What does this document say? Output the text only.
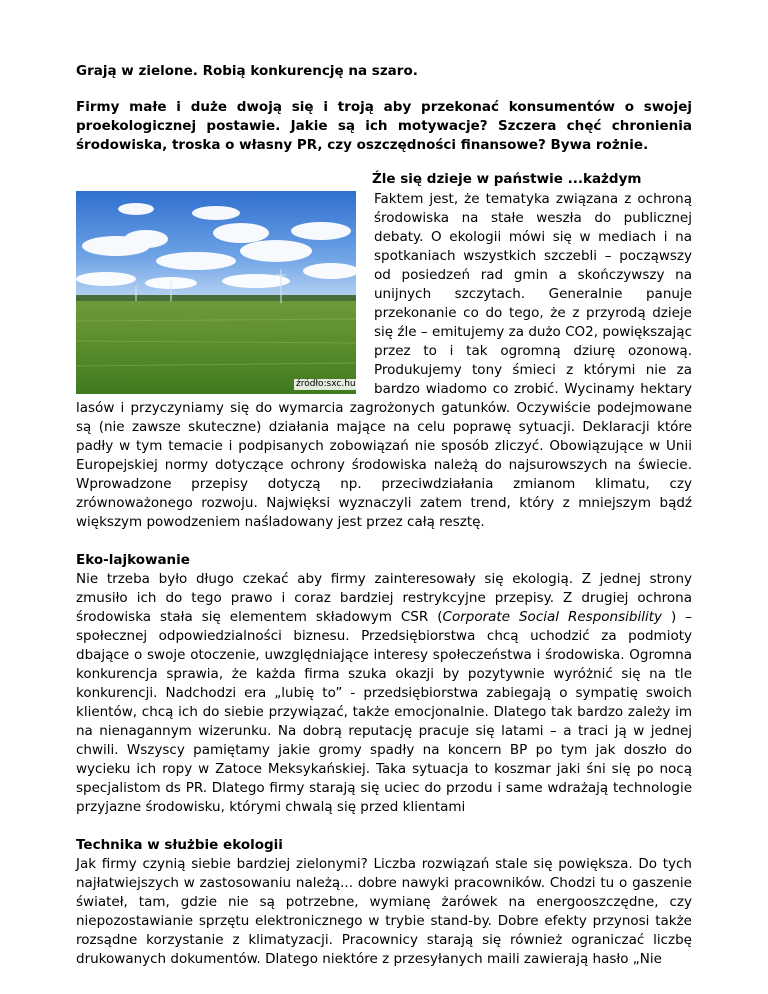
Grają w zielone. Robią konkurencję na szaro.

Firmy małe i duże dwoją się i troją aby przekonać konsumentów o swojej proekologicznej postawie. Jakie są ich motywacje? Szczera chęć chronienia środowiska, troska o własny PR, czy oszczędności finansowe? Bywa rożnie.

Źle się dzieje w państwie ...każdym
źródło:sxc.hu

Faktem jest, że tematyka związana z ochroną środowiska na stałe weszła do publicznej debaty. O ekologii mówi się w mediach i na spotkaniach wszystkich szczebli – począwszy od posiedzeń rad gmin a skończywszy na unijnych szczytach. Generalnie panuje przekonanie co do tego, że z przyrodą dzieje się źle – emitujemy za dużo CO2, powiększając przez to i tak ogromną dziurę ozonową. Produkujemy tony śmieci z którymi nie za bardzo wiadomo co zrobić. Wycinamy hektary lasów i przyczyniamy się do wymarcia zagrożonych gatunków. Oczywiście podejmowane są (nie zawsze skuteczne) działania mające na celu poprawę sytuacji. Deklaracji które padły w tym temacie i podpisanych zobowiązań nie sposób zliczyć. Obowiązujące w Unii Europejskiej normy dotyczące ochrony środowiska należą do najsurowszych na świecie. Wprowadzone przepisy dotyczą np. przeciwdziałania zmianom klimatu, czy zrównoważonego rozwoju. Najwięksi wyznaczyli zatem trend, który z mniejszym bądź większym powodzeniem naśladowany jest przez całą resztę.

Eko-lajkowanie

Nie trzeba było długo czekać aby firmy zainteresowały się ekologią. Z jednej strony zmusiło ich do tego prawo i coraz bardziej restrykcyjne przepisy. Z drugiej ochrona środowiska stała się elementem składowym CSR (Corporate Social Responsibility ) – społecznej odpowiedzialności biznesu. Przedsiębiorstwa chcą uchodzić za podmioty dbające o swoje otoczenie, uwzględniające interesy społeczeństwa i środowiska. Ogromna konkurencja sprawia, że każda firma szuka okazji by pozytywnie wyróżnić się na tle konkurencji. Nadchodzi era „lubię to” - przedsiębiorstwa zabiegają o sympatię swoich klientów, chcą ich do siebie przywiązać, także emocjonalnie. Dlatego tak bardzo zależy im na nienagannym wizerunku. Na dobrą reputację pracuje się latami – a traci ją w jednej chwili. Wszyscy pamiętamy jakie gromy spadły na koncern BP po tym jak doszło do wycieku ich ropy w Zatoce Meksykańskiej. Taka sytuacja to koszmar jaki śni się po nocą specjalistom ds PR. Dlatego firmy starają się uciec do przodu i same wdrażają technologie przyjazne środowisku, którymi chwalą się przed klientami

Technika w służbie ekologii

Jak firmy czynią siebie bardziej zielonymi? Liczba rozwiązań stale się powiększa. Do tych najłatwiejszych w zastosowaniu należą... dobre nawyki pracowników. Chodzi tu o gaszenie świateł, tam, gdzie nie są potrzebne, wymianę żarówek na energooszczędne, czy niepozostawianie sprzętu elektronicznego w trybie stand-by. Dobre efekty przynosi także rozsądne korzystanie z klimatyzacji. Pracownicy starają się również ograniczać liczbę drukowanych dokumentów. Dlatego niektóre z przesyłanych maili zawierają hasło „Nie
